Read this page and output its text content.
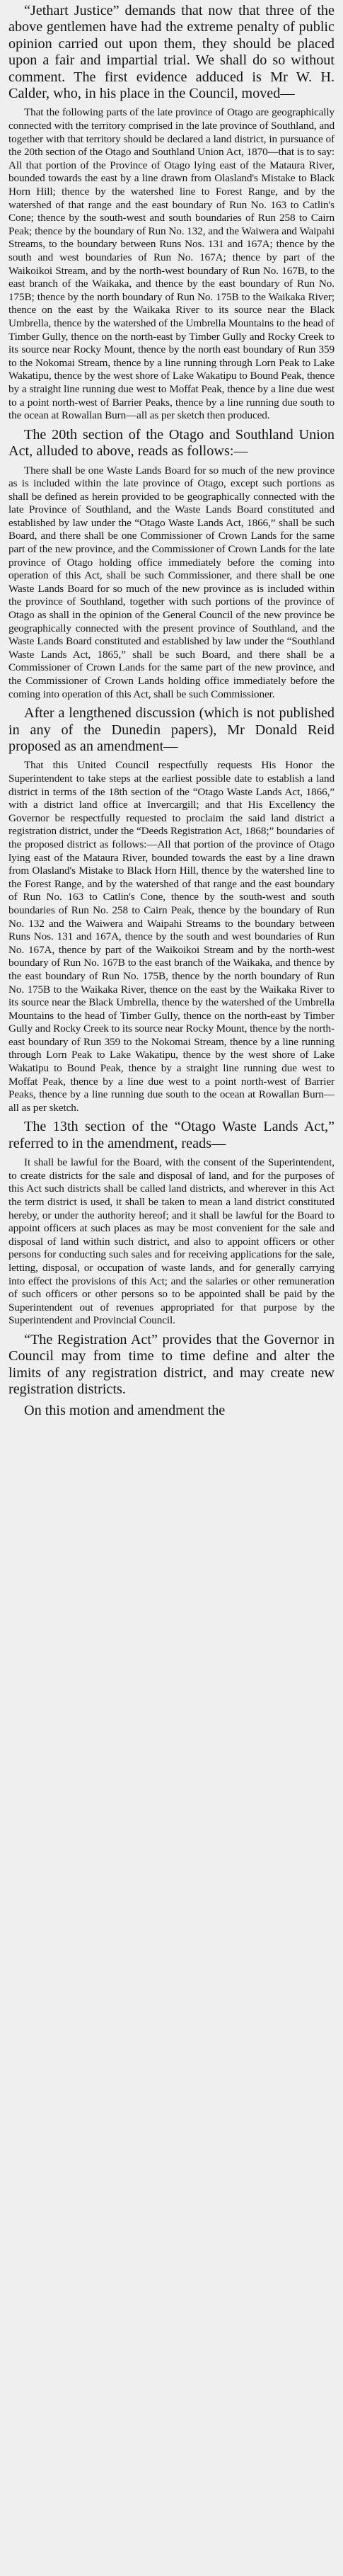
“Jethart Justice” demands that now that three of the above gentlemen have had the extreme penalty of public opinion carried out upon them, they should be placed upon a fair and impartial trial. We shall do so without comment. The first evidence adduced is Mr W. H. Calder, who, in his place in the Council, moved—

That the following parts of the late province of Otago are geographically connected with the territory comprised in the late province of Southland, and together with that territory should be declared a land district, in pursuance of the 20th section of the Otago and Southland Union Act, 1870—that is to say: All that portion of the Province of Otago lying east of the Mataura River, bounded towards the east by a line drawn from Olasland's Mistake to Black Horn Hill; thence by the watershed line to Forest Range, and by the watershed of that range and the east boundary of Run No. 163 to Catlin's Cone; thence by the south-west and south boundaries of Run 258 to Cairn Peak; thence by the boundary of Run No. 132, and the Waiwera and Waipahi Streams, to the boundary between Runs Nos. 131 and 167A; thence by the south and west boundaries of Run No. 167A; thence by part of the Waikoikoi Stream, and by the north-west boundary of Run No. 167B, to the east branch of the Waikaka, and thence by the east boundary of Run No. 175B; thence by the north boundary of Run No. 175B to the Waikaka River; thence on the east by the Waikaka River to its source near the Black Umbrella, thence by the watershed of the Umbrella Mountains to the head of Timber Gully, thence on the north-east by Timber Gully and Rocky Creek to its source near Rocky Mount, thence by the north east boundary of Run 359 to the Nokomai Stream, thence by a line running through Lorn Peak to Lake Wakatipu, thence by the west shore of Lake Wakatipu to Bound Peak, thence by a straight line running due west to Moffat Peak, thence by a line due west to a point north-west of Barrier Peaks, thence by a line running due south to the ocean at Rowallan Burn—all as per sketch then produced.

The 20th section of the Otago and Southland Union Act, alluded to above, reads as follows:—

There shall be one Waste Lands Board for so much of the new province as is included within the late province of Otago, except such portions as shall be defined as herein provided to be geographically connected with the late Province of Southland, and the Waste Lands Board constituted and established by law under the “Otago Waste Lands Act, 1866,” shall be such Board, and there shall be one Commissioner of Crown Lands for the same part of the new province, and the Commissioner of Crown Lands for the late province of Otago holding office immediately before the coming into operation of this Act, shall be such Commissioner, and there shall be one Waste Lands Board for so much of the new province as is included within the province of Southland, together with such portions of the province of Otago as shall in the opinion of the General Council of the new province be geographically connected with the present province of Southland, and the Waste Lands Board constituted and established by law under the “Southland Waste Lands Act, 1865,” shall be such Board, and there shall be a Commissioner of Crown Lands for the same part of the new province, and the Commissioner of Crown Lands holding office immediately before the coming into operation of this Act, shall be such Commissioner.

After a lengthened discussion (which is not published in any of the Dunedin papers), Mr Donald Reid proposed as an amendment—

That this United Council respectfully requests His Honor the Superintendent to take steps at the earliest possible date to establish a land district in terms of the 18th section of the “Otago Waste Lands Act, 1866,” with a district land office at Invercargill; and that His Excellency the Governor be respectfully requested to proclaim the said land district a registration district, under the “Deeds Registration Act, 1868;” boundaries of the proposed district as follows:—All that portion of the province of Otago lying east of the Mataura River, bounded towards the east by a line drawn from Olasland's Mistake to Black Horn Hill, thence by the watershed line to the Forest Range, and by the watershed of that range and the east boundary of Run No. 163 to Catlin's Cone, thence by the south-west and south boundaries of Run No. 258 to Cairn Peak, thence by the boundary of Run No. 132 and the Waiwera and Waipahi Streams to the boundary between Runs Nos. 131 and 167A, thence by the south and west boundaries of Run No. 167A, thence by part of the Waikoikoi Stream and by the north-west boundary of Run No. 167B to the east branch of the Waikaka, and thence by the east boundary of Run No. 175B, thence by the north boundary of Run No. 175B to the Waikaka River, thence on the east by the Waikaka River to its source near the Black Umbrella, thence by the watershed of the Umbrella Mountains to the head of Timber Gully, thence on the north-east by Timber Gully and Rocky Creek to its source near Rocky Mount, thence by the north-east boundary of Run 359 to the Nokomai Stream, thence by a line running through Lorn Peak to Lake Wakatipu, thence by the west shore of Lake Wakatipu to Bound Peak, thence by a straight line running due west to Moffat Peak, thence by a line due west to a point north-west of Barrier Peaks, thence by a line running due south to the ocean at Rowallan Burn—all as per sketch.

The 13th section of the “Otago Waste Lands Act,” referred to in the amendment, reads—

It shall be lawful for the Board, with the consent of the Superintendent, to create districts for the sale and disposal of land, and for the purposes of this Act such districts shall be called land districts, and wherever in this Act the term district is used, it shall be taken to mean a land district constituted hereby, or under the authority hereof; and it shall be lawful for the Board to appoint officers at such places as may be most convenient for the sale and disposal of land within such district, and also to appoint officers or other persons for conducting such sales and for receiving applications for the sale, letting, disposal, or occupation of waste lands, and for generally carrying into effect the provisions of this Act; and the salaries or other remuneration of such officers or other persons so to be appointed shall be paid by the Superintendent out of revenues appropriated for that purpose by the Superintendent and Provincial Council.

“The Registration Act” provides that the Governor in Council may from time to time define and alter the limits of any registration district, and may create new registration districts.

On this motion and amendment the
